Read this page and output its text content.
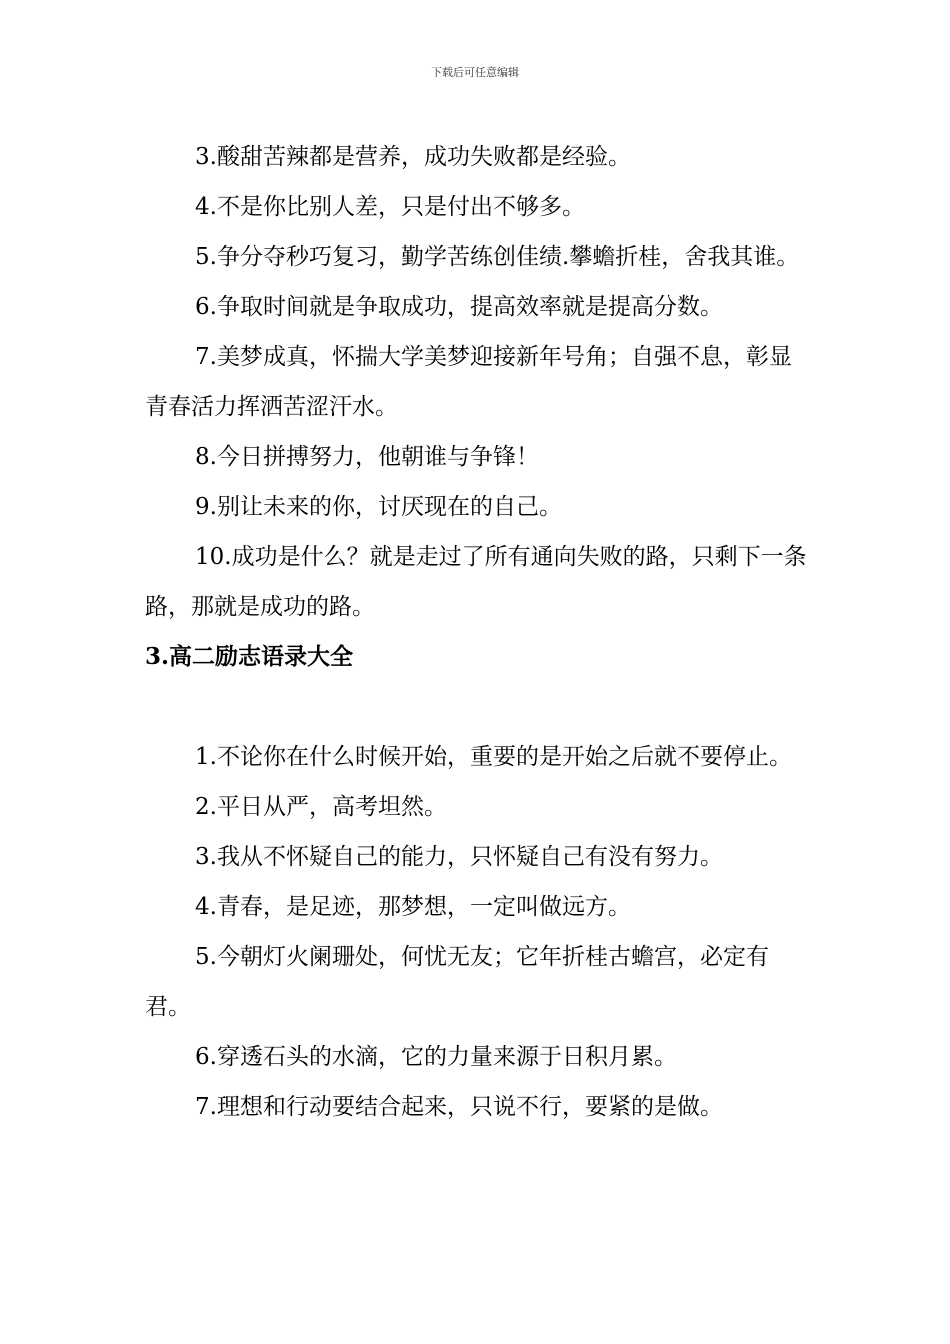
下载后可任意编辑

3.酸甜苦辣都是营养，成功失败都是经验。

4.不是你比别人差，只是付出不够多。

5.争分夺秒巧复习，勤学苦练创佳绩.攀蟾折桂，舍我其谁。

6.争取时间就是争取成功，提高效率就是提高分数。

7.美梦成真，怀揣大学美梦迎接新年号角；自强不息，彰显青春活力挥洒苦涩汗水。

8.今日拼搏努力，他朝谁与争锋！

9.别让未来的你，讨厌现在的自己。

10.成功是什么？就是走过了所有通向失败的路，只剩下一条路，那就是成功的路。

3.高二励志语录大全

1.不论你在什么时候开始，重要的是开始之后就不要停止。

2.平日从严，高考坦然。

3.我从不怀疑自己的能力，只怀疑自己有没有努力。

4.青春，是足迹，那梦想，一定叫做远方。

5.今朝灯火阑珊处，何忧无友；它年折桂古蟾宫，必定有君。

6.穿透石头的水滴，它的力量来源于日积月累。

7.理想和行动要结合起来，只说不行，要紧的是做。
